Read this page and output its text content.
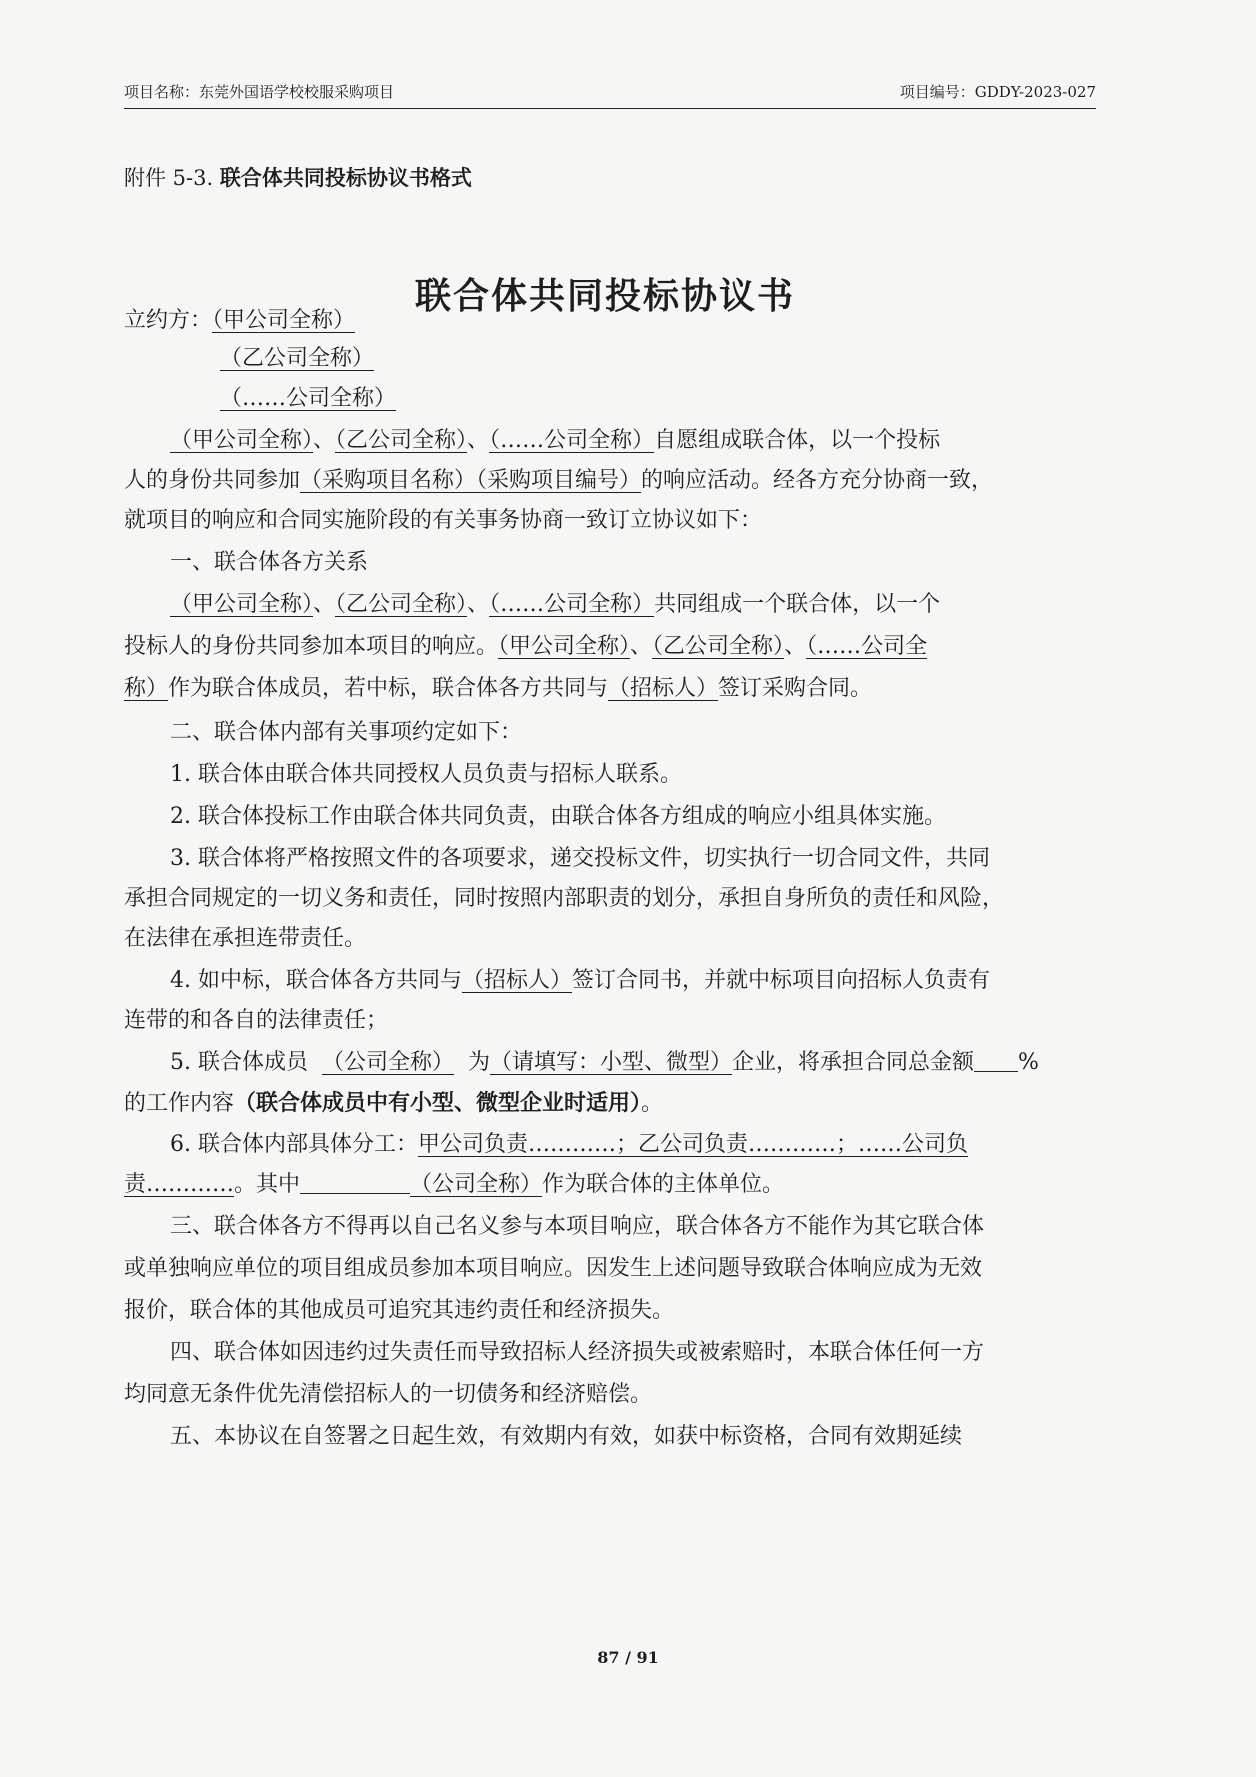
项目名称：东莞外国语学校校服采购项目	项目编号：GDDY-2023-027
附件 5-3. 联合体共同投标协议书格式
联合体共同投标协议书
立约方：（甲公司全称）
（乙公司全称）
（……公司全称）
（甲公司全称）、（乙公司全称）、（……公司全称）自愿组成联合体，以一个投标
人的身份共同参加（采购项目名称）（采购项目编号）的响应活动。经各方充分协商一致，
就项目的响应和合同实施阶段的有关事务协商一致订立协议如下：
一、联合体各方关系
（甲公司全称）、（乙公司全称）、（……公司全称）共同组成一个联合体，以一个
投标人的身份共同参加本项目的响应。（甲公司全称）、（乙公司全称）、（……公司全
称）作为联合体成员，若中标，联合体各方共同与（招标人）签订采购合同。
二、联合体内部有关事项约定如下：
1. 联合体由联合体共同授权人员负责与招标人联系。
2. 联合体投标工作由联合体共同负责，由联合体各方组成的响应小组具体实施。
3. 联合体将严格按照文件的各项要求，递交投标文件，切实执行一切合同文件，共同
承担合同规定的一切义务和责任，同时按照内部职责的划分，承担自身所负的责任和风险，
在法律在承担连带责任。
4. 如中标，联合体各方共同与（招标人）签订合同书，并就中标项目向招标人负责有
连带的和各自的法律责任；
5. 联合体成员 （公司全称） 为（请填写：小型、微型）企业，将承担合同总金额 %
的工作内容（联合体成员中有小型、微型企业时适用）。
6. 联合体内部具体分工：甲公司负责…………；乙公司负责…………；……公司负
责…………。其中	（公司全称）作为联合体的主体单位。
三、联合体各方不得再以自己名义参与本项目响应，联合体各方不能作为其它联合体
或单独响应单位的项目组成员参加本项目响应。因发生上述问题导致联合体响应成为无效
报价，联合体的其他成员可追究其违约责任和经济损失。
四、联合体如因违约过失责任而导致招标人经济损失或被索赔时，本联合体任何一方
均同意无条件优先清偿招标人的一切债务和经济赔偿。
五、本协议在自签署之日起生效，有效期内有效，如获中标资格，合同有效期延续
87 / 91
